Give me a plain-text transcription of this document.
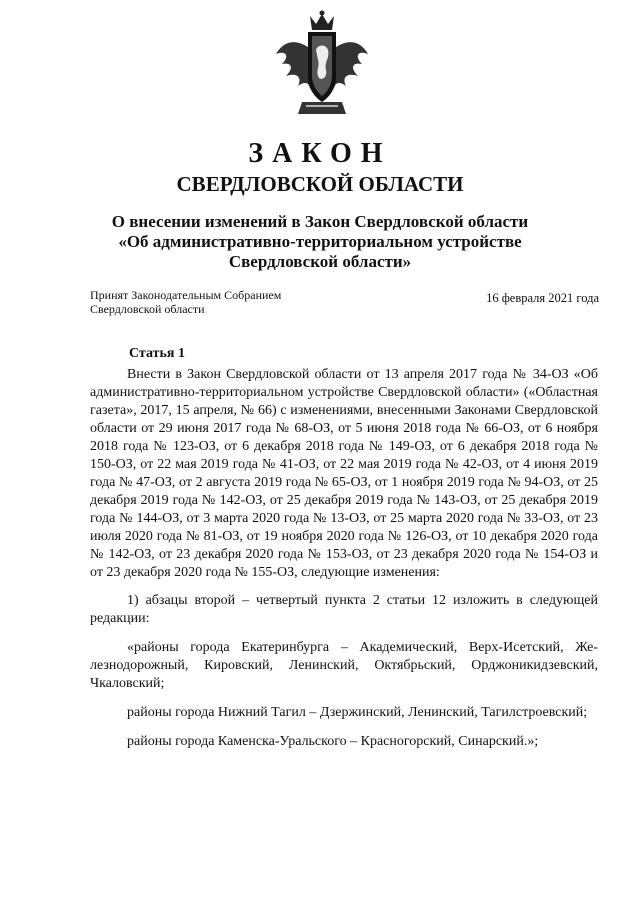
ЗАКОН
СВЕРДЛОВСКОЙ ОБЛАСТИ
О внесении изменений в Закон Свердловской области
«Об административно-территориальном устройстве
Свердловской области»
Принят Законодательным Собранием
Свердловской области
16 февраля 2021 года
Статья 1

Внести в Закон Свердловской области от 13 апреля 2017 года № 34-ОЗ «Об административно-территориальном устройстве Свердловской области» («Областная газета», 2017, 15 апреля, № 66) с изменениями, внесенными Законами Свердловской области от 29 июня 2017 года № 68-ОЗ, от 5 июня 2018 года № 66-ОЗ, от 6 ноября 2018 года № 123-ОЗ, от 6 декабря 2018 года № 149-ОЗ, от 6 декабря 2018 года № 150-ОЗ, от 22 мая 2019 года № 41-ОЗ, от 22 мая 2019 года № 42-ОЗ, от 4 июня 2019 года № 47-ОЗ, от 2 августа 2019 года № 65-ОЗ, от 1 ноября 2019 года № 94-ОЗ, от 25 декабря 2019 года № 142-ОЗ, от 25 декабря 2019 года № 143-ОЗ, от 25 декабря 2019 года № 144-ОЗ, от 3 марта 2020 года № 13-ОЗ, от 25 марта 2020 года № 33-ОЗ, от 23 июля 2020 года № 81-ОЗ, от 19 ноября 2020 года № 126-ОЗ, от 10 декабря 2020 года № 142-ОЗ, от 23 декабря 2020 года № 153-ОЗ, от 23 декабря 2020 года № 154-ОЗ и от 23 декабря 2020 года № 155-ОЗ, следующие изменения:

1) абзацы второй – четвертый пункта 2 статьи 12 изложить в следующей редакции:

«районы города Екатеринбурга – Академический, Верх-Исетский, Железнодорожный, Кировский, Ленинский, Октябрьский, Орджоникидзевский, Чкаловский;

районы города Нижний Тагил – Дзержинский, Ленинский, Тагилстроевский;

районы города Каменска-Уральского – Красногорский, Синарский.»;
